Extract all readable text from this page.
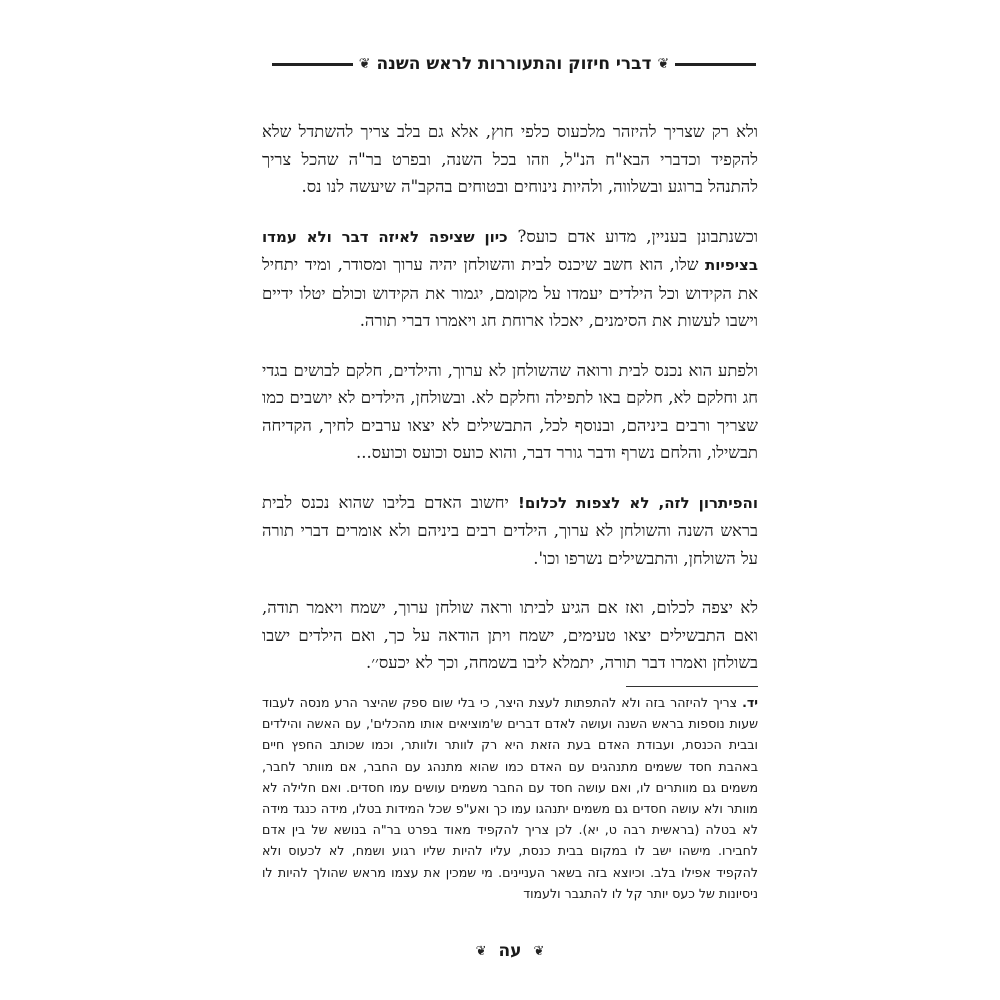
❦
דברי חיזוק והתעוררות לראש השנה
❦

ולא רק שצריך להיזהר מלכעוס כלפי חוץ, אלא גם בלב צריך להשתדל שלא להקפיד וכדברי הבא"ח הנ"ל, וזהו בכל השנה, ובפרט בר"ה שהכל צריך להתנהל ברוגע ובשלווה, ולהיות נינוחים ובטוחים בהקב"ה שיעשה לנו נס.

וכשנתבונן בעניין, מדוע אדם כועס? כיון שציפה לאיזה דבר ולא עמדו בציפיות שלו, הוא חשב שיכנס לבית והשולחן יהיה ערוך ומסודר, ומיד יתחיל את הקידוש וכל הילדים יעמדו על מקומם, יגמור את הקידוש וכולם יטלו ידיים וישבו לעשות את הסימנים, יאכלו ארוחת חג ויאמרו דברי תורה.

ולפתע הוא נכנס לבית ורואה שהשולחן לא ערוך, והילדים, חלקם לבושים בגדי חג וחלקם לא, חלקם באו לתפילה וחלקם לא. ובשולחן, הילדים לא יושבים כמו שצריך ורבים ביניהם, ובנוסף לכל, התבשילים לא יצאו ערבים לחיך, הקדיחה תבשילו, והלחם נשרף ודבר גורר דבר, והוא כועס וכועס וכועס...

והפיתרון לזה, לא לצפות לכלום! יחשוב האדם בליבו שהוא נכנס לבית בראש השנה והשולחן לא ערוך, הילדים רבים ביניהם ולא אומרים דברי תורה על השולחן, והתבשילים נשרפו וכו'.

לא יצפה לכלום, ואז אם הגיע לביתו וראה שולחן ערוך, ישמח ויאמר תודה, ואם התבשילים יצאו טעימים, ישמח ויתן הודאה על כך, ואם הילדים ישבו בשולחן ואמרו דבר תורה, יתמלא ליבו בשמחה, וכך לא יכעס׳׳.

יד. צריך להיזהר בזה ולא להתפתות לעצת היצר, כי בלי שום ספק שהיצר הרע מנסה לעבוד שעות נוספות בראש השנה ועושה לאדם דברים ש'מוציאים אותו מהכלים', עם האשה והילדים ובבית הכנסת, ועבודת האדם בעת הזאת היא רק לוותר ולוותר, וכמו שכותב החפץ חיים באהבת חסד ששמים מתנהגים עם האדם כמו שהוא מתנהג עם החבר, אם מוותר לחבר, משמים גם מוותרים לו, ואם עושה חסד עם החבר משמים עושים עמו חסדים. ואם חלילה לא מוותר ולא עושה חסדים גם משמים יתנהגו עמו כך ואע"פ שכל המידות בטלו, מידה כנגד מידה לא בטלה (בראשית רבה ט, יא). לכן צריך להקפיד מאוד בפרט בר"ה בנושא של בין אדם לחבירו. מישהו ישב לו במקום בבית כנסת, עליו להיות שליו רגוע ושמח, לא לכעוס ולא להקפיד אפילו בלב. וכיוצא בזה בשאר העניינים. מי שמכין את עצמו מראש שהולך להיות לו ניסיונות של כעס יותר קל לו להתגבר ולעמוד
❦
עה
❦
